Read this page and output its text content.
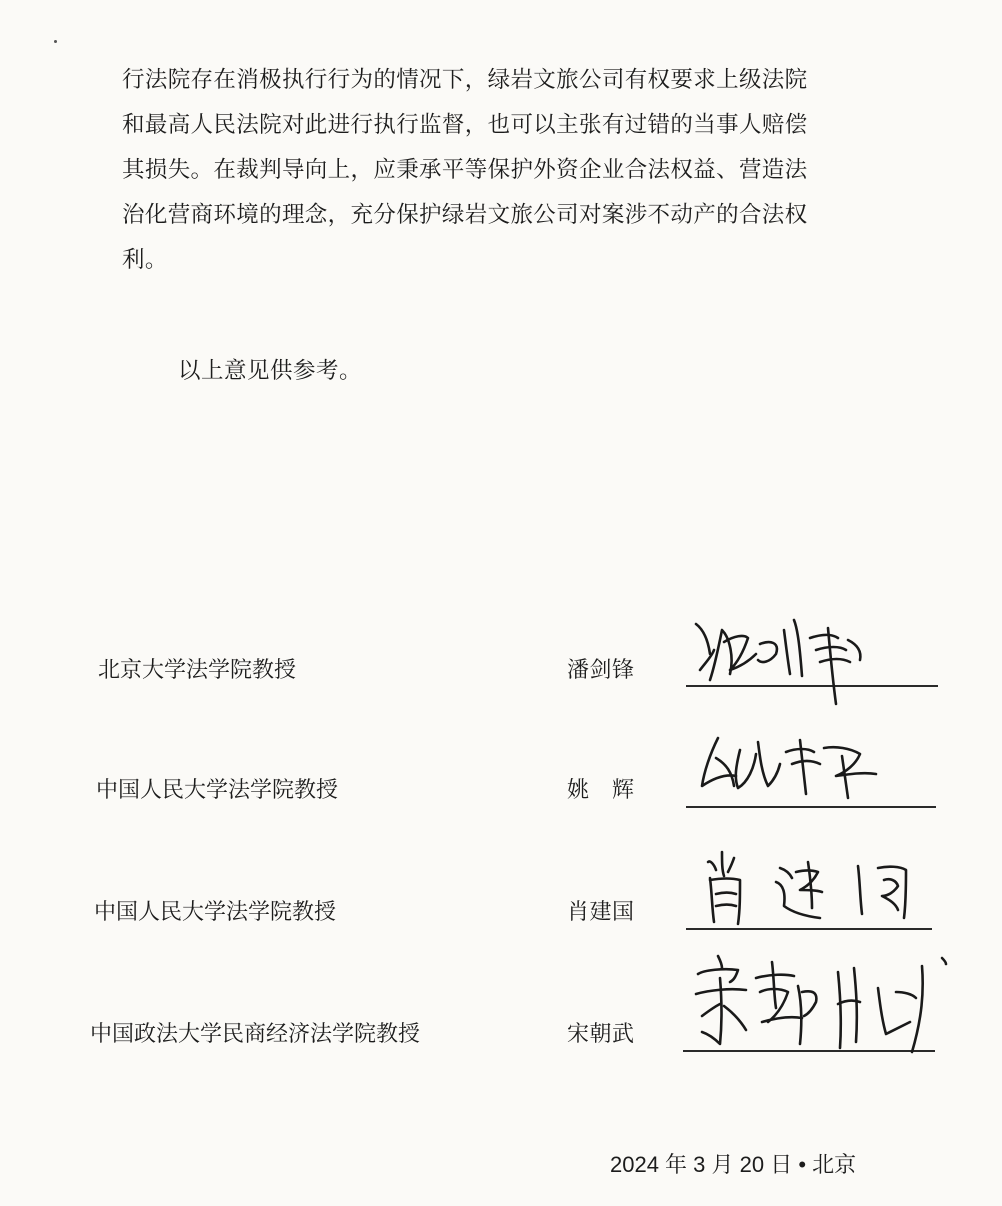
行法院存在消极执行行为的情况下，绿岩文旅公司有权要求上级法院
和最高人民法院对此进行执行监督，也可以主张有过错的当事人赔偿
其损失。在裁判导向上，应秉承平等保护外资企业合法权益、营造法
治化营商环境的理念，充分保护绿岩文旅公司对案涉不动产的合法权
利。
以上意见供参考。
北京大学法学院教授	潘剑锋
中国人民大学法学院教授	姚　辉
中国人民大学法学院教授	肖建国
中国政法大学民商经济法学院教授	宋朝武
2024 年 3 月 20 日 • 北京
